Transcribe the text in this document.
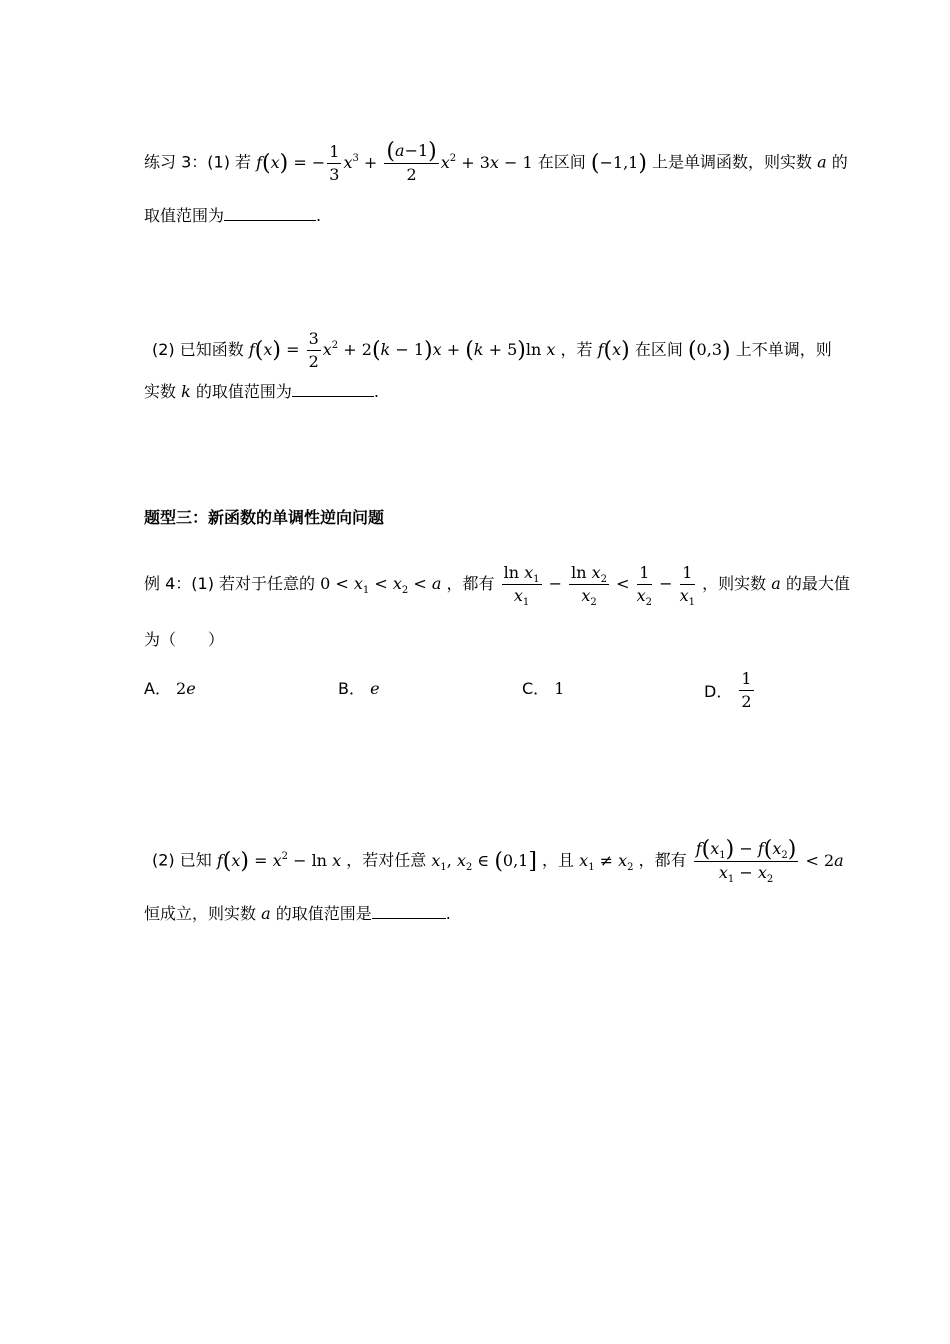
练习 3：(1) 若 f(x) = − $\frac{1}{3} x^3 + \frac{(a-1)}{2} x^2 + 3x - 1$ 在区间 (−1,1) 上是单调函数，则实数 a 的
取值范围为	.
(2) 已知函数 $f(x) = \frac{3}{2} x^2 + 2(k - 1)x + (k + 5)\ln$ x ，若 f(x) 在区间 (0,3) 上不单调，则
实数 k 的取值范围为	.
题型三：新函数的单调性逆向问题
例 4：(1) 若对于任意的 $0 < x_1 < x_2 < a$ ，都有 $\frac{\ln x_1}{x_1} - \frac{\ln x_2}{x_2} < \frac{1}{x_2} - \frac{1}{x_1}$ ，则实数 a 的最大值
为（　　）
A． 2e	B． e	C． 1	D． $\frac{1}{2}$
(2) 已知 $f(x) = x^2 - \ln x$ ，若对任意 $x_1$, $x_2$ ∈ (0,1] ，且 $x_1 \ne x_2$ ，都有 $\frac{f(x_1) - f(x_2)}{x_1 - x_2} < 2a$
恒成立，则实数 a 的取值范围是	.
